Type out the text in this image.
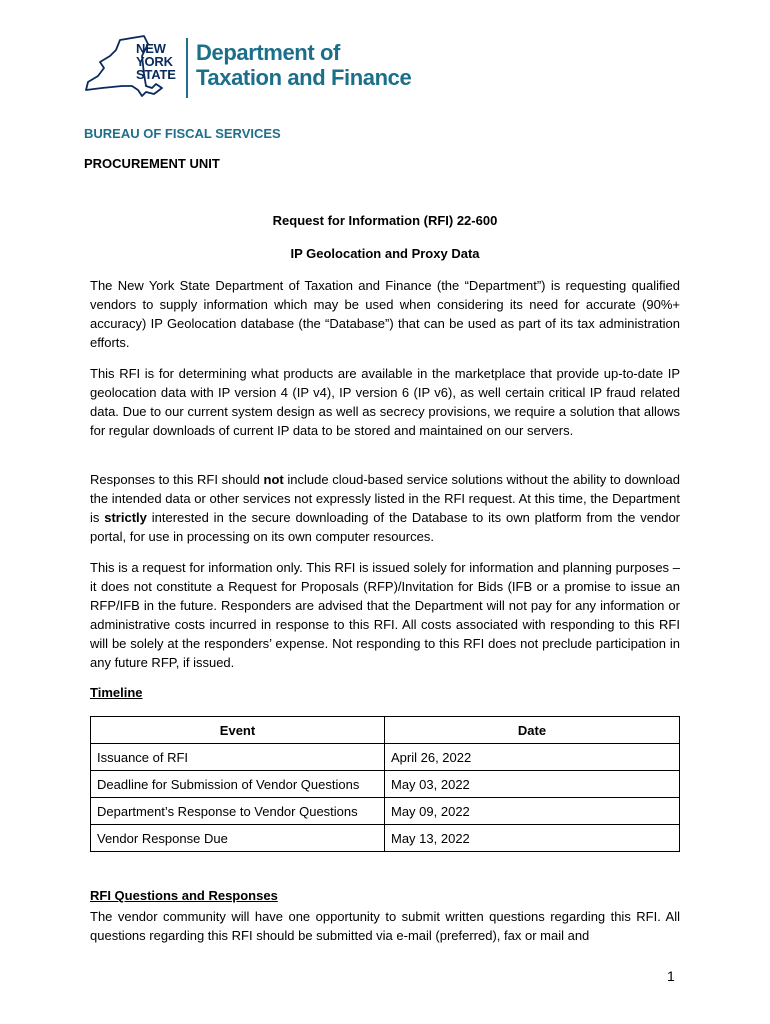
NEW
YORK
STATE
Department of
Taxation and Finance
BUREAU OF FISCAL SERVICES
PROCUREMENT UNIT
Request for Information (RFI) 22-600
IP Geolocation and Proxy Data

The New York State Department of Taxation and Finance (the “Department”) is requesting qualified vendors to supply information which may be used when considering its need for accurate (90%+ accuracy) IP Geolocation database (the “Database”) that can be used as part of its tax administration efforts.

This RFI is for determining what products are available in the marketplace that provide up-to-date IP geolocation data with IP version 4 (IP v4), IP version 6 (IP v6), as well certain critical IP fraud related data. Due to our current system design as well as secrecy provisions, we require a solution that allows for regular downloads of current IP data to be stored and maintained on our servers.

Responses to this RFI should not include cloud-based service solutions without the ability to download the intended data or other services not expressly listed in the RFI request. At this time, the Department is strictly interested in the secure downloading of the Database to its own platform from the vendor portal, for use in processing on its own computer resources.

This is a request for information only. This RFI is issued solely for information and planning purposes – it does not constitute a Request for Proposals (RFP)/Invitation for Bids (IFB or a promise to issue an RFP/IFB in the future. Responders are advised that the Department will not pay for any information or administrative costs incurred in response to this RFI. All costs associated with responding to this RFI will be solely at the responders’ expense. Not responding to this RFI does not preclude participation in any future RFP, if issued.

Timeline
Event	Date
Issuance of RFI	April 26, 2022
Deadline for Submission of Vendor Questions	May 03, 2022
Department’s Response to Vendor Questions	May 09, 2022
Vendor Response Due	May 13, 2022
RFI Questions and Responses

The vendor community will have one opportunity to submit written questions regarding this RFI. All questions regarding this RFI should be submitted via e-mail (preferred), fax or mail and

1
